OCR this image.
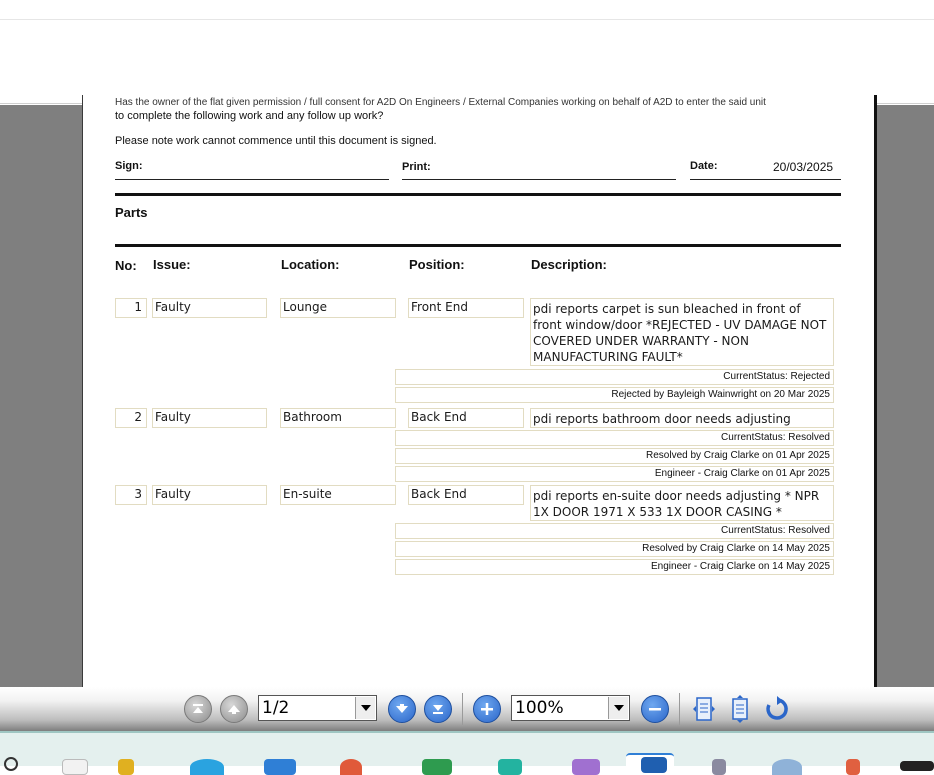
Has the owner of the flat given permission / full consent for A2D On Engineers / External Companies working on behalf of A2D to enter the said unit
to complete the following work and any follow up work?
Please note work cannot commence until this document is signed.
Sign:	Print:	Date:	20/03/2025
Parts
No: Issue:	Location:	Position:	Description:
1	Faulty	Lounge	Front End	pdi reports carpet is sun bleached in front of front window/door *REJECTED - UV DAMAGE NOT COVERED UNDER WARRANTY - NON MANUFACTURING FAULT*
CurrentStatus: Rejected
Rejected by Bayleigh Wainwright on 20 Mar 2025
2	Faulty	Bathroom	Back End	pdi reports bathroom door needs adjusting
CurrentStatus: Resolved
Resolved by Craig Clarke on 01 Apr 2025
Engineer - Craig Clarke on 01 Apr 2025
3	Faulty	En-suite	Back End	pdi reports en-suite door needs adjusting * NPR 1X DOOR 1971 X 533 1X DOOR CASING *
CurrentStatus: Resolved
Resolved by Craig Clarke on 14 May 2025
Engineer - Craig Clarke on 14 May 2025
1/2	100%
